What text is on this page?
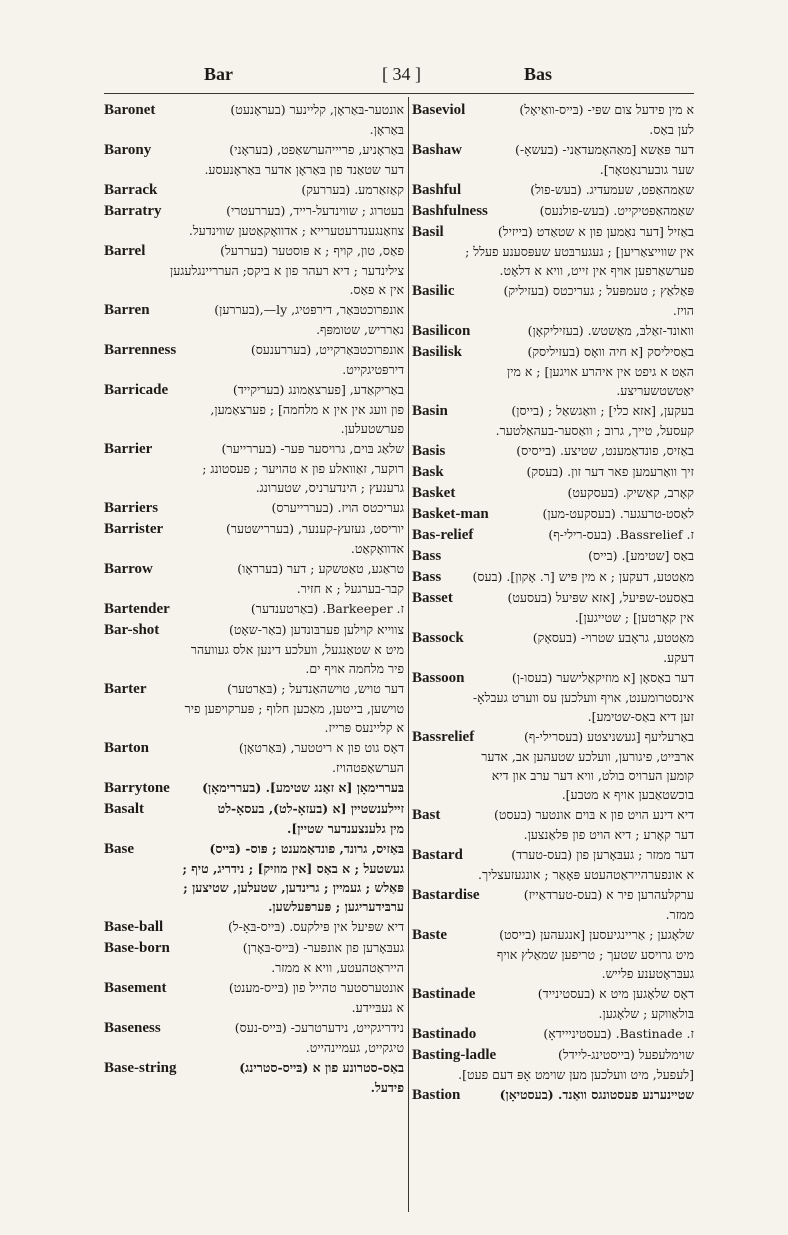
Bar	[ 34 ]	Bas
Baronet	אונטער-בּאַראָן, קליינער (בעראָנעט)
בּאַראָן.
Barony	בּאַראָניע, פריייהערשאַפט, (בעראָני)
דער שטאַנד פון בּאַראָן אדער בּאַראָנעסע.
Barrack	קאַזאַרמע. (בעררעק)
Barratry	בעטרוג ; שווינדעל-רייד, (בעררעטרי)
צוזאַנגענדרעטערייא ; אדוואָקאַטען שווינדעל.
Barrel	פאַס, טון, קויף ; א פּוסטער (בעררעל)
צילינדער ; דיא רעהר פון א ביקס; הערריינגלעגען
אין א פאַס.
Barren	אונפרוכטבּאַר, דירפּטיג, ly—,(בעררען)
נאַרריש, שטומפּף.
Barrenness	אונפרוכטבּאַרקייט, (בעררענעס)
דירפּטיגקייט.
Barricade	באַריקאַדע, [פערצאַמונג (בעריקייד)
פון וועג אין אין א מלחמה] ; פערצאַמען,
פערשטעלען.
Barrier	שלאַג בּוים, גרויסער פּער- (בעררייער)
רוקער, זאַוואלע פון א טהויער ; פעסטונג ;
גרענעץ ; הינדערניס, שטערונג.
Barriers	געריכטס הויז. (בעררייערס)
Barrister	יוריסט, געזעץ-קענער, (בעררישטער)
אדוואָקאַט.
Barrow	טראַגע, טאַטשקע ; דער (בערראָו)
קבר-בערגעל ; א חזיר.
Bartender	ז. Barkeeper. (באַרטענדער)
Bar-shot	צווייא קוילען פערבּונדען (באַר-שאָט)
מיט א שטאַנגעל, וועלכע דינען אלס געוועהר
פיר מלחמה אויף ים.
Barter	דער טויש, טוישהאַנדעל ; (בּאַרטער)
טוישען, בייטען, מאַכען חלוף ; פּערקויפען פיר
א קליינעס פּרייז.
Barton	דאָס גוט פון א ריטטער, (בּאַרטאָן)
הערשאַפטהויז.
Barrytone	בּעררימאָן [א זאַנג שטימע]. (בעררימאָן)
Basalt	זיילענשטיין [א (בעזאָ-לט), בעסאָ-לט
מין גלענצענדער שטיין].
Base	בּאַזיס, גרונד, פונדאַמענט ; פּוס- (בּייס)
געשטעל ; א באַס [אין מוזיק] ; נידריג, טיף ;
פּאַלש ; געמיין ; גרינדען, שטעלען, שטיצען ;
ערבּידעריגען ; פּערפּעלשען.
Base-ball	דיא שפּיעל אין פּילקעס. (בּייס-בּאָ-ל)
Base-born	געבּאָרען פון אונפּער- (בּייס-בּאָרן)
הייראַטהעטע, וויא א ממזר.
Basement	אונטערסטער טהייל פון (בּייס-מענט)
א געבּיידע.
Baseness	נידריגקייט, נידערטרעכ- (בּייס-נעס)
טיגקייט, געמיינהייט.
Base-string	באַס-סטרונע פון א (בּייס-סטרינג)
פידעל.
Baseviol	א מין פידעל צום שפּי- (בּייס-וואַיאָל)
לען באַס.
Bashaw	דער פּאַשא [מאַהאָמעדאַני- (בעשאָ-)
שער גובערנאַטאָר].
Bashful	שאַמהאַפט, שעמעדיג. (בעש-פול)
Bashfulness	שאַמהאַפטיקייט. (בעש-פולנעס)
Basil	באַזיל [דער נאַמען פון א שטאַדט (בייזיל)
אין שווייצאַריען] ; געגערבּטע שעפּסענע פעלל ;
פערשאַרפען אויף אין זייט, וויא א דלאָט.
Basilic	פּאַלאַץ ; טעמפּעל ; געריכטס (בעזיליק)
הויז.
Basilicon	וואונד-זאַלבּ, מאַשטש. (בעזיליקאָן)
Basilisk	באַסיליסק [א חיה וואָס (בעזיליסק)
האַט א גיפט אין איהרע אויגען] ; א מין
יאַטשטשעריצע.
Basin	בעקען, [אזא כלי] ; וואַגשאַל ; (בייסן)
קעסעל, טייך, גרוב ; וואַסער-בעהאַלטער.
Basis	באַזיס, פונדאַמענט, שטיצע. (בייסיס)
Bask	זיך וואַרעמען פאר דער זון. (בעסק)
Basket	קאָרב, קאַשיק. (בעסקעט)
Basket-man	לאַסט-טרעגער. (בעסקעט-מען)
Bas-relief	ז. Bassrelief. (בעס-רילי-ף)
Bass	באַס [שטימע]. (בייס)
Bass	מאַטטע, דעקען ; א מין פּיש [ר. אָקון]. (בעס)
Basset	באַסעט-שפּיעל, [אזא שפּיעל (בעסעט)
אין קאָרטען] ; שטייגען].
Bassock	מאַטטע, גראָבע שטרוי- (בעסאָק)
דעקע.
Bassoon	דער באַסאָן [א מוזיקאַלישער (בעסו-ן)
אינסטרומענט, אויף וועלכען עס ווערט געבלאָ-
זען דיא באַס-שטימע].
Bassrelief	באַרעליעף [געשניצטע (בעסרילי-ף)
ארבּייט, פיגורען, וועלכע שטעהען אב, אדער
קומען הערויס בולט, וויא דער ערב און דיא
בוכשטאַבען אויף א מטבע].
Bast	דיא דינע הויט פון א בּוים אונטער (בעסט)
דער קאָרע ; דיא הויט פון פּלאַנצען.
Bastard	דער ממזר ; געבּאָרען פון (בעס-טערד)
א אונפערהייראַטהעטע פּאָאַר ; אונגעזעצליך.
Bastardise	ערקלעהרען פיר א (בעס-טערדאַייז)
ממזר.
Baste	שלאָגען ; אַריינגיעסען [אנגעהען (בייסט)
מיט גרויסע שטעך ; טריפען שמאַלץ אויף
געבּראָטענע פלייש.
Bastinade	דאָס שלאָגען מיט א (בעסטינייד)
בּולאַווקע ; שלאָגען.
Bastinado	ז. Bastinade. (בעסטינייידאָ)
Basting-ladle	שוימלעפעל (בייסטינג-ליידל)
[לעפעל, מיט וועלכען מען שוימט אָפּ דעם פעט].
Bastion	שטיינערנע פעסטונגס וואַנד. (בעסטיאָן)
